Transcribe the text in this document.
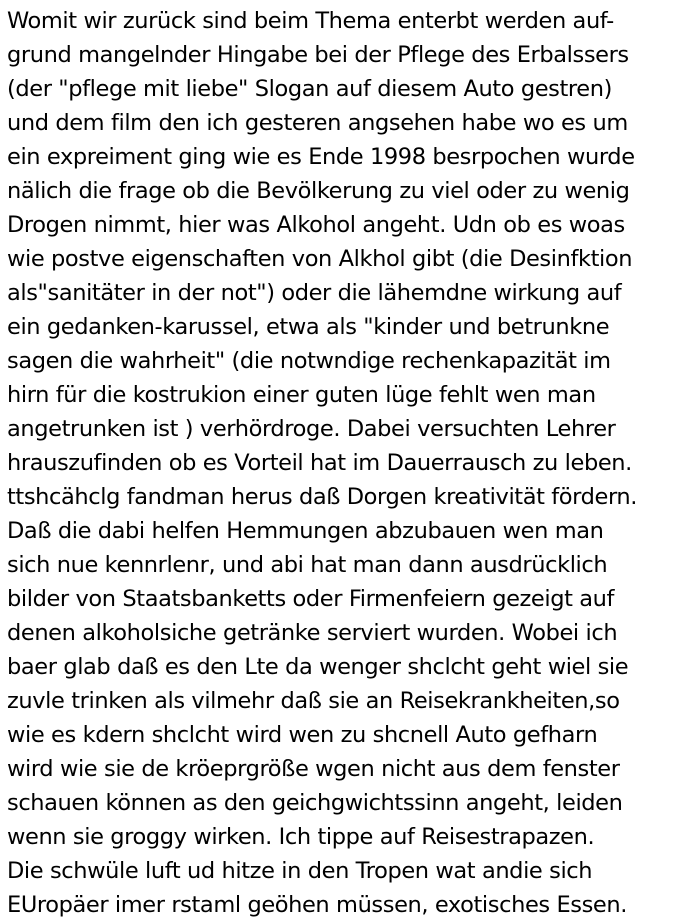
Womit wir zurück sind beim Thema enterbt werden auf-
grund mangelnder Hingabe bei der Pflege des Erbalssers
(der "pflege mit liebe" Slogan auf diesem Auto gestren)
und dem film den ich gesteren angsehen habe wo es um
ein expreiment ging wie es Ende 1998 besrpochen wurde
nälich die frage ob die Bevölkerung zu viel oder zu wenig
Drogen nimmt, hier was Alkohol angeht. Udn ob es woas
wie postve eigenschaften von Alkhol gibt (die Desinfktion
als"sanitäter in der not") oder die lähemdne wirkung auf
ein gedanken-karussel, etwa als "kinder und betrunkne
sagen die wahrheit" (die notwndige rechenkapazität im
hirn für die kostrukion einer guten lüge fehlt wen man
angetrunken ist ) verhördroge. Dabei versuchten Lehrer
hrauszufinden ob es Vorteil hat im Dauerrausch zu leben.
ttshcähclg fandman herus daß Dorgen kreativität fördern.
Daß die dabi helfen Hemmungen abzubauen wen man
sich nue kennrlenr, und abi hat man dann ausdrücklich
bilder von Staatsbanketts oder Firmenfeiern gezeigt auf
denen alkoholsiche getränke serviert wurden. Wobei ich
baer glab daß es den Lte da wenger shclcht geht wiel sie
zuvle trinken als vilmehr daß sie an Reisekrankheiten,so
wie es kdern shclcht wird wen zu shcnell Auto gefharn
wird wie sie de kröeprgröße wgen nicht aus dem fenster
schauen können as den geichgwichtssinn angeht, leiden
wenn sie groggy wirken. Ich tippe auf Reisestrapazen.
Die schwüle luft ud hitze in den Tropen wat andie sich
EUropäer imer rstaml geöhen müssen, exotisches Essen.
